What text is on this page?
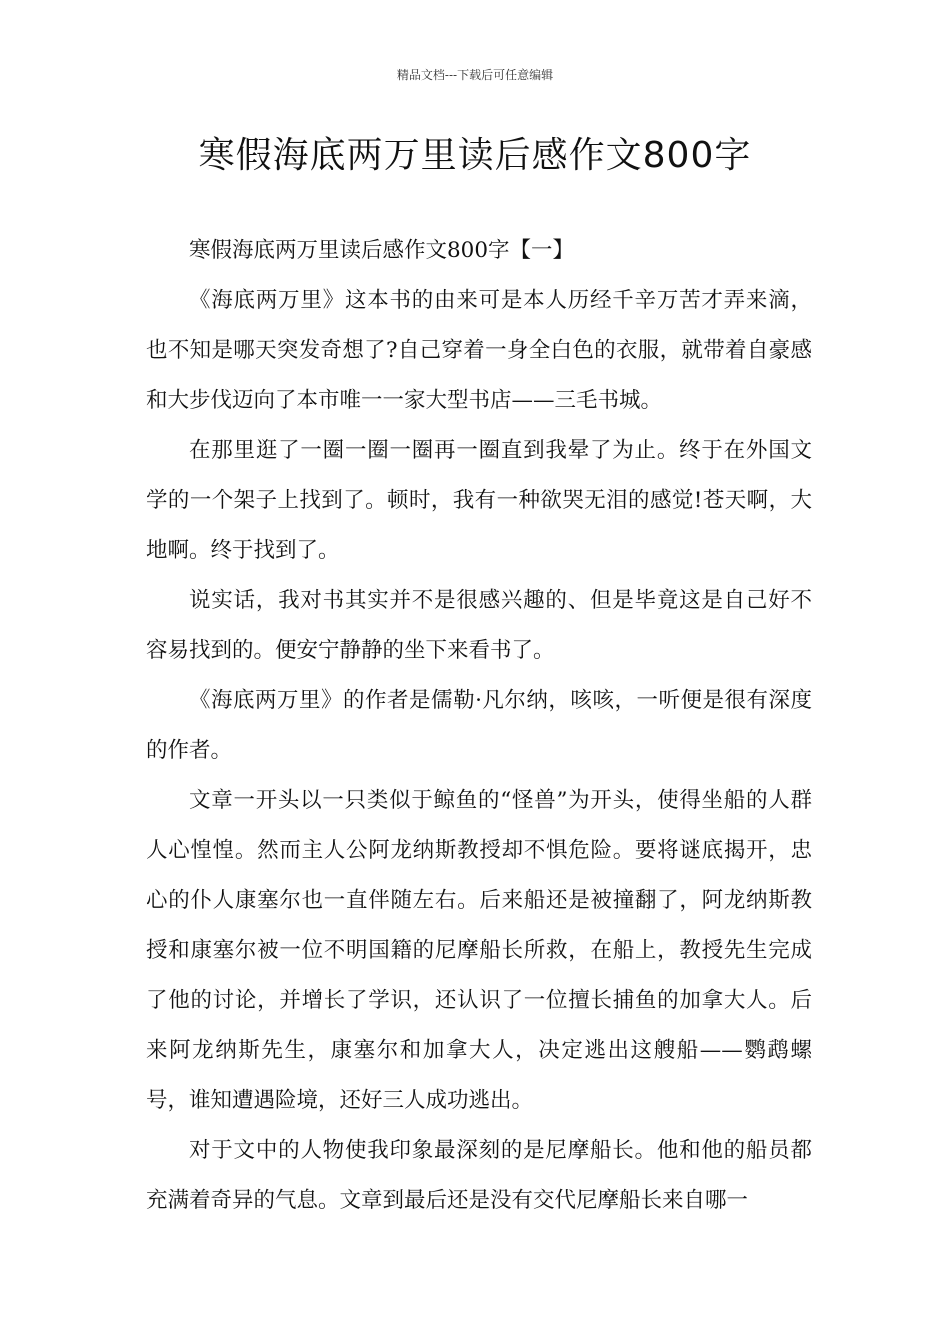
精品文档---下载后可任意编辑
寒假海底两万里读后感作文800字

寒假海底两万里读后感作文800字【一】

《海底两万里》这本书的由来可是本人历经千辛万苦才弄来滴，也不知是哪天突发奇想了?自己穿着一身全白色的衣服，就带着自豪感和大步伐迈向了本市唯一一家大型书店——三毛书城。

在那里逛了一圈一圈一圈再一圈直到我晕了为止。终于在外国文学的一个架子上找到了。顿时，我有一种欲哭无泪的感觉!苍天啊，大地啊。终于找到了。

说实话，我对书其实并不是很感兴趣的、但是毕竟这是自己好不容易找到的。便安宁静静的坐下来看书了。

《海底两万里》的作者是儒勒·凡尔纳，咳咳，一听便是很有深度的作者。

文章一开头以一只类似于鲸鱼的“怪兽”为开头，使得坐船的人群人心惶惶。然而主人公阿龙纳斯教授却不惧危险。要将谜底揭开，忠心的仆人康塞尔也一直伴随左右。后来船还是被撞翻了，阿龙纳斯教授和康塞尔被一位不明国籍的尼摩船长所救，在船上，教授先生完成了他的讨论，并增长了学识，还认识了一位擅长捕鱼的加拿大人。后来阿龙纳斯先生，康塞尔和加拿大人，决定逃出这艘船——鹦鹉螺号，谁知遭遇险境，还好三人成功逃出。

对于文中的人物使我印象最深刻的是尼摩船长。他和他的船员都充满着奇异的气息。文章到最后还是没有交代尼摩船长来自哪一
